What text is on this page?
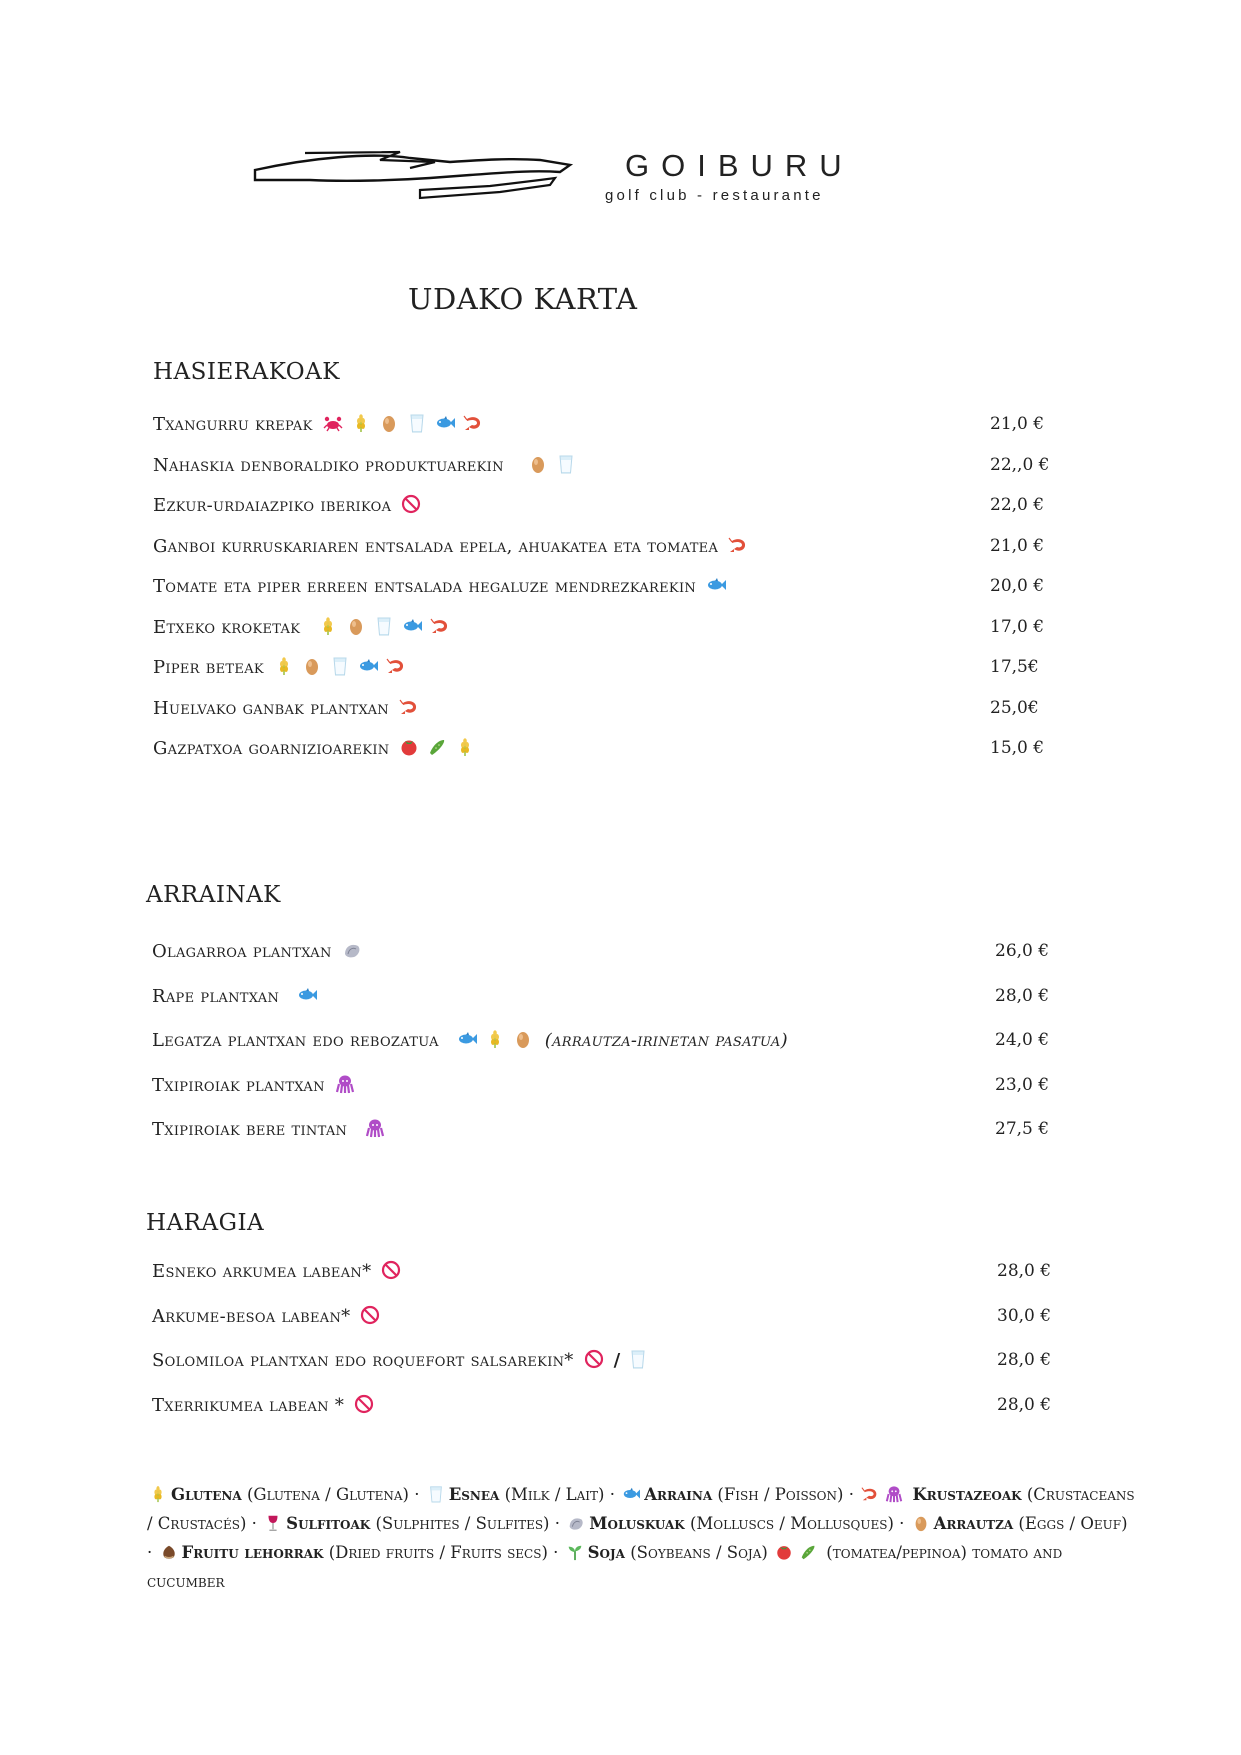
GOIBURU
golf club - restaurante
UDAKO KARTA
HASIERAKOAK
Txangurru krepak	21,0 €
Nahaskia denboraldiko produktuarekin	22,,0 €
Ezkur-urdaiazpiko iberikoa	22,0 €
Ganboi kurruskariaren entsalada epela, ahuakatea eta tomatea	21,0 €
Tomate eta piper erreen entsalada hegaluze mendrezkarekin	20,0 €
Etxeko kroketak	17,0 €
Piper beteak	17,5€
Huelvako ganbak plantxan	25,0€
Gazpatxoa goarnizioarekin	15,0 €
ARRAINAK
Olagarroa plantxan	26,0 €
Rape plantxan	28,0 €
Legatza plantxan edo rebozatua	(arrautza-irinetan pasatua)	24,0 €
Txipiroiak plantxan	23,0 €
Txipiroiak bere tintan	27,5 €
HARAGIA
Esneko arkumea labean*	28,0 €
Arkume-besoa labean*	30,0 €
Solomiloa plantxan edo roquefort salsarekin* /	28,0 €
Txerrikumea labean *	28,0 €
Glutena (Glutena / Glutena) · Esnea (Milk / Lait) · Arraina (Fish / Poisson) ·	Krustazeoak (Crustaceans / Crustacés) · Sulfitoak (Sulphites / Sulfites) · Moluskuak (Molluscs / Mollusques) · Arrautza (Eggs / Oeuf) · Fruitu lehorrak (Dried fruits / Fruits secs) · Soja (Soybeans / Soja)	(tomatea/pepinoa) tomato and cucumber
